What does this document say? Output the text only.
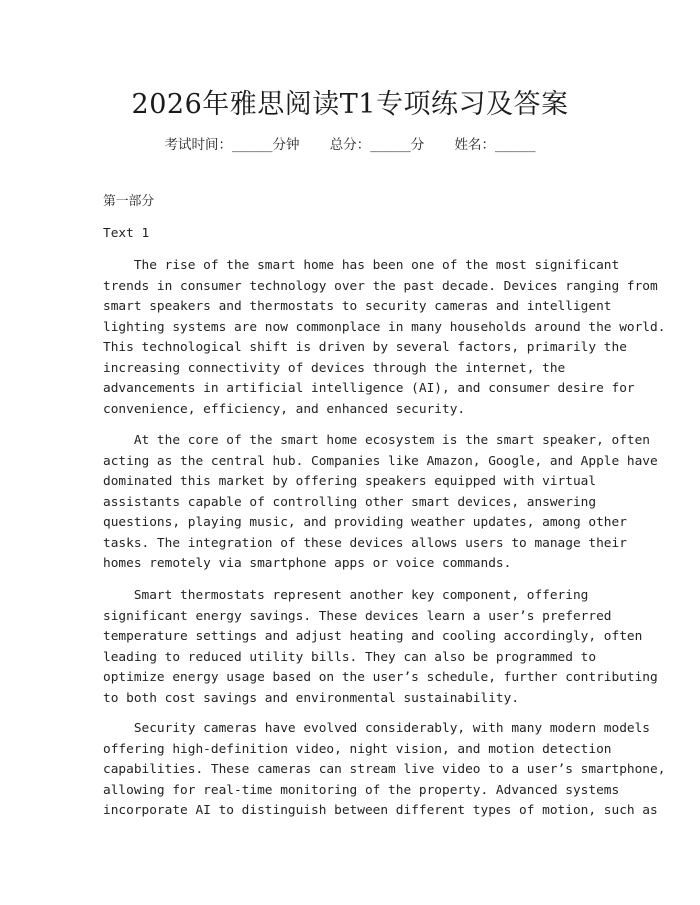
2026年雅思阅读T1专项练习及答案
考试时间：______分钟 总分：______分 姓名：______
第一部分
Text 1
The rise of the smart home has been one of the most significant
trends in consumer technology over the past decade. Devices ranging from
smart speakers and thermostats to security cameras and intelligent
lighting systems are now commonplace in many households around the world.
This technological shift is driven by several factors, primarily the
increasing connectivity of devices through the internet, the
advancements in artificial intelligence (AI), and consumer desire for
convenience, efficiency, and enhanced security.
At the core of the smart home ecosystem is the smart speaker, often
acting as the central hub. Companies like Amazon, Google, and Apple have
dominated this market by offering speakers equipped with virtual
assistants capable of controlling other smart devices, answering
questions, playing music, and providing weather updates, among other
tasks. The integration of these devices allows users to manage their
homes remotely via smartphone apps or voice commands.
Smart thermostats represent another key component, offering
significant energy savings. These devices learn a user’s preferred
temperature settings and adjust heating and cooling accordingly, often
leading to reduced utility bills. They can also be programmed to
optimize energy usage based on the user’s schedule, further contributing
to both cost savings and environmental sustainability.
Security cameras have evolved considerably, with many modern models
offering high-definition video, night vision, and motion detection
capabilities. These cameras can stream live video to a user’s smartphone,
allowing for real-time monitoring of the property. Advanced systems
incorporate AI to distinguish between different types of motion, such as
